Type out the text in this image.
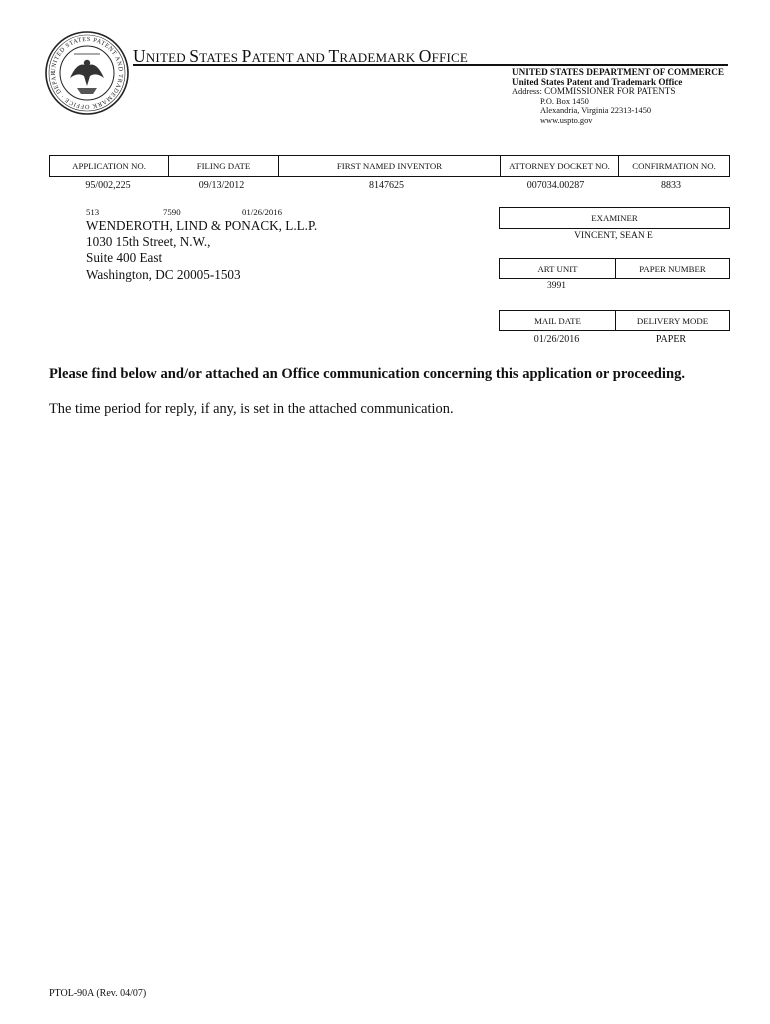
UNITED STATES PATENT AND TRADEMARK OFFICE · DEPAR
UNITED STATES PATENT AND TRADEMARK OFFICE
UNITED STATES DEPARTMENT OF COMMERCE
United States Patent and Trademark Office
Address: COMMISSIONER FOR PATENTS
P.O. Box 1450
Alexandria, Virginia 22313-1450
www.uspto.gov
APPLICATION NO.	FILING DATE	FIRST NAMED INVENTOR	ATTORNEY DOCKET NO.	CONFIRMATION NO.
95/002,225	09/13/2012	8147625	007034.00287	8833
513	7590	01/26/2016
WENDEROTH, LIND & PONACK, L.L.P.
1030 15th Street, N.W.,
Suite 400 East
Washington, DC 20005-1503
EXAMINER
VINCENT, SEAN E
ART UNIT	PAPER NUMBER
3991
MAIL DATE	DELIVERY MODE
01/26/2016	PAPER
Please find below and/or attached an Office communication concerning this application or proceeding.
The time period for reply, if any, is set in the attached communication.
PTOL-90A (Rev. 04/07)
